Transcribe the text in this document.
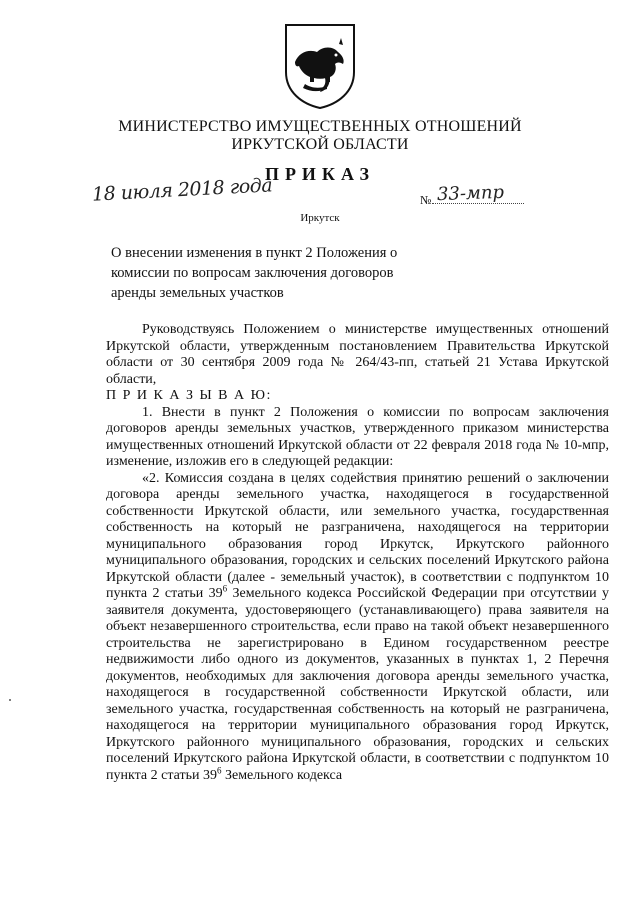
МИНИСТЕРСТВО ИМУЩЕСТВЕННЫХ ОТНОШЕНИЙ
ИРКУТСКОЙ ОБЛАСТИ
ПРИКАЗ
18 июля 2018 года	№ 33-мпр
Иркутск
О внесении изменения в пункт 2 Положения о комиссии по вопросам заключения договоров аренды земельных участков

Руководствуясь Положением о министерстве имущественных отношений Иркутской области, утвержденным постановлением Правительства Иркутской области от 30 сентября 2009 года № 264/43-пп, статьей 21 Устава Иркутской области,

П Р И К А З Ы В А Ю:

1. Внести в пункт 2 Положения о комиссии по вопросам заключения договоров аренды земельных участков, утвержденного приказом министерства имущественных отношений Иркутской области от 22 февраля 2018 года № 10-мпр, изменение, изложив его в следующей редакции:

«2. Комиссия создана в целях содействия принятию решений о заключении договора аренды земельного участка, находящегося в государственной собственности Иркутской области, или земельного участка, государственная собственность на который не разграничена, находящегося на территории муниципального образования город Иркутск, Иркутского районного муниципального образования, городских и сельских поселений Иркутского района Иркутской области (далее - земельный участок), в соответствии с подпунктом 10 пункта 2 статьи $39^6$ Земельного кодекса Российской Федерации при отсутствии у заявителя документа, удостоверяющего (устанавливающего) права заявителя на объект незавершенного строительства, если право на такой объект незавершенного строительства не зарегистрировано в Едином государственном реестре недвижимости либо одного из документов, указанных в пунктах 1, 2 Перечня документов, необходимых для заключения договора аренды земельного участка, находящегося в государственной собственности Иркутской области, или земельного участка, государственная собственность на который не разграничена, находящегося на территории муниципального образования город Иркутск, Иркутского районного муниципального образования, городских и сельских поселений Иркутского района Иркутской области, в соответствии с подпунктом 10 пункта 2 статьи $39^6$ Земельного кодекса
